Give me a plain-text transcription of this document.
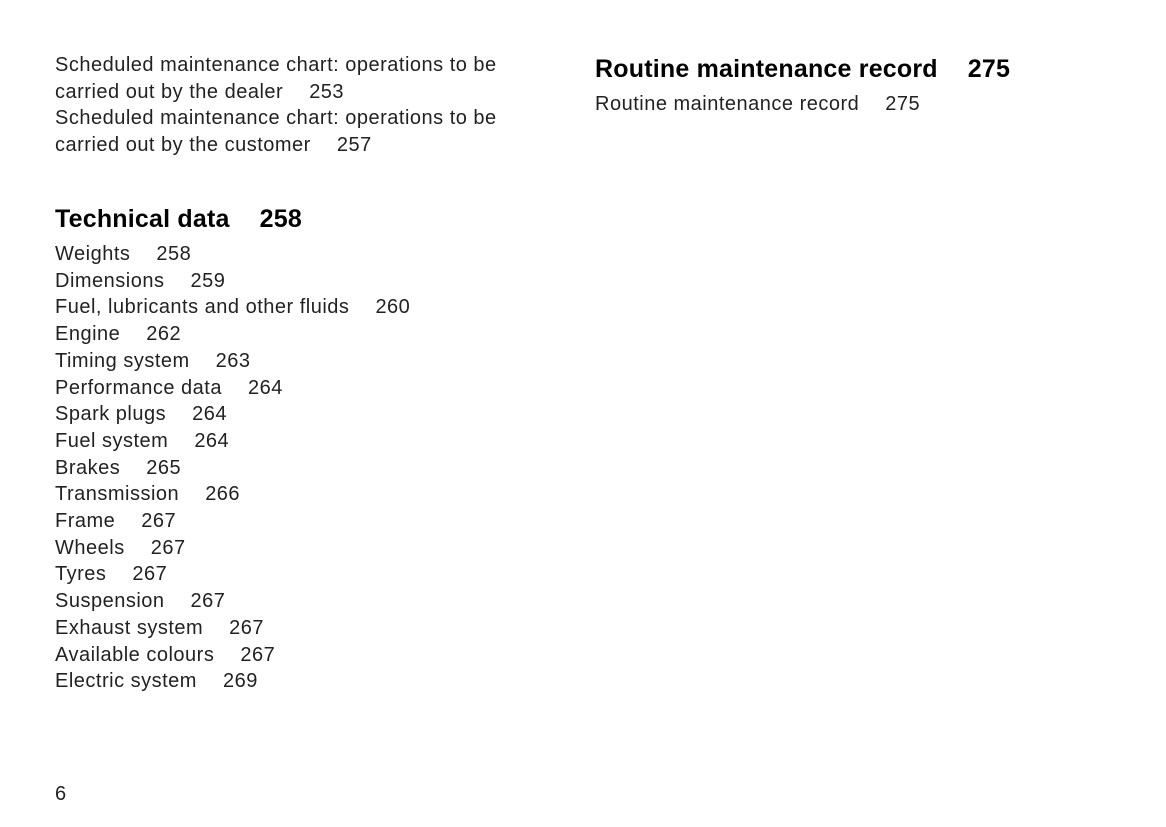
Scheduled maintenance chart: operations to be carried out by the dealer 253
Scheduled maintenance chart: operations to be carried out by the customer 257
Technical data 258
Weights 258
Dimensions 259
Fuel, lubricants and other fluids 260
Engine 262
Timing system 263
Performance data 264
Spark plugs 264
Fuel system 264
Brakes 265
Transmission 266
Frame 267
Wheels 267
Tyres 267
Suspension 267
Exhaust system 267
Available colours 267
Electric system 269
Routine maintenance record 275
Routine maintenance record 275
6
